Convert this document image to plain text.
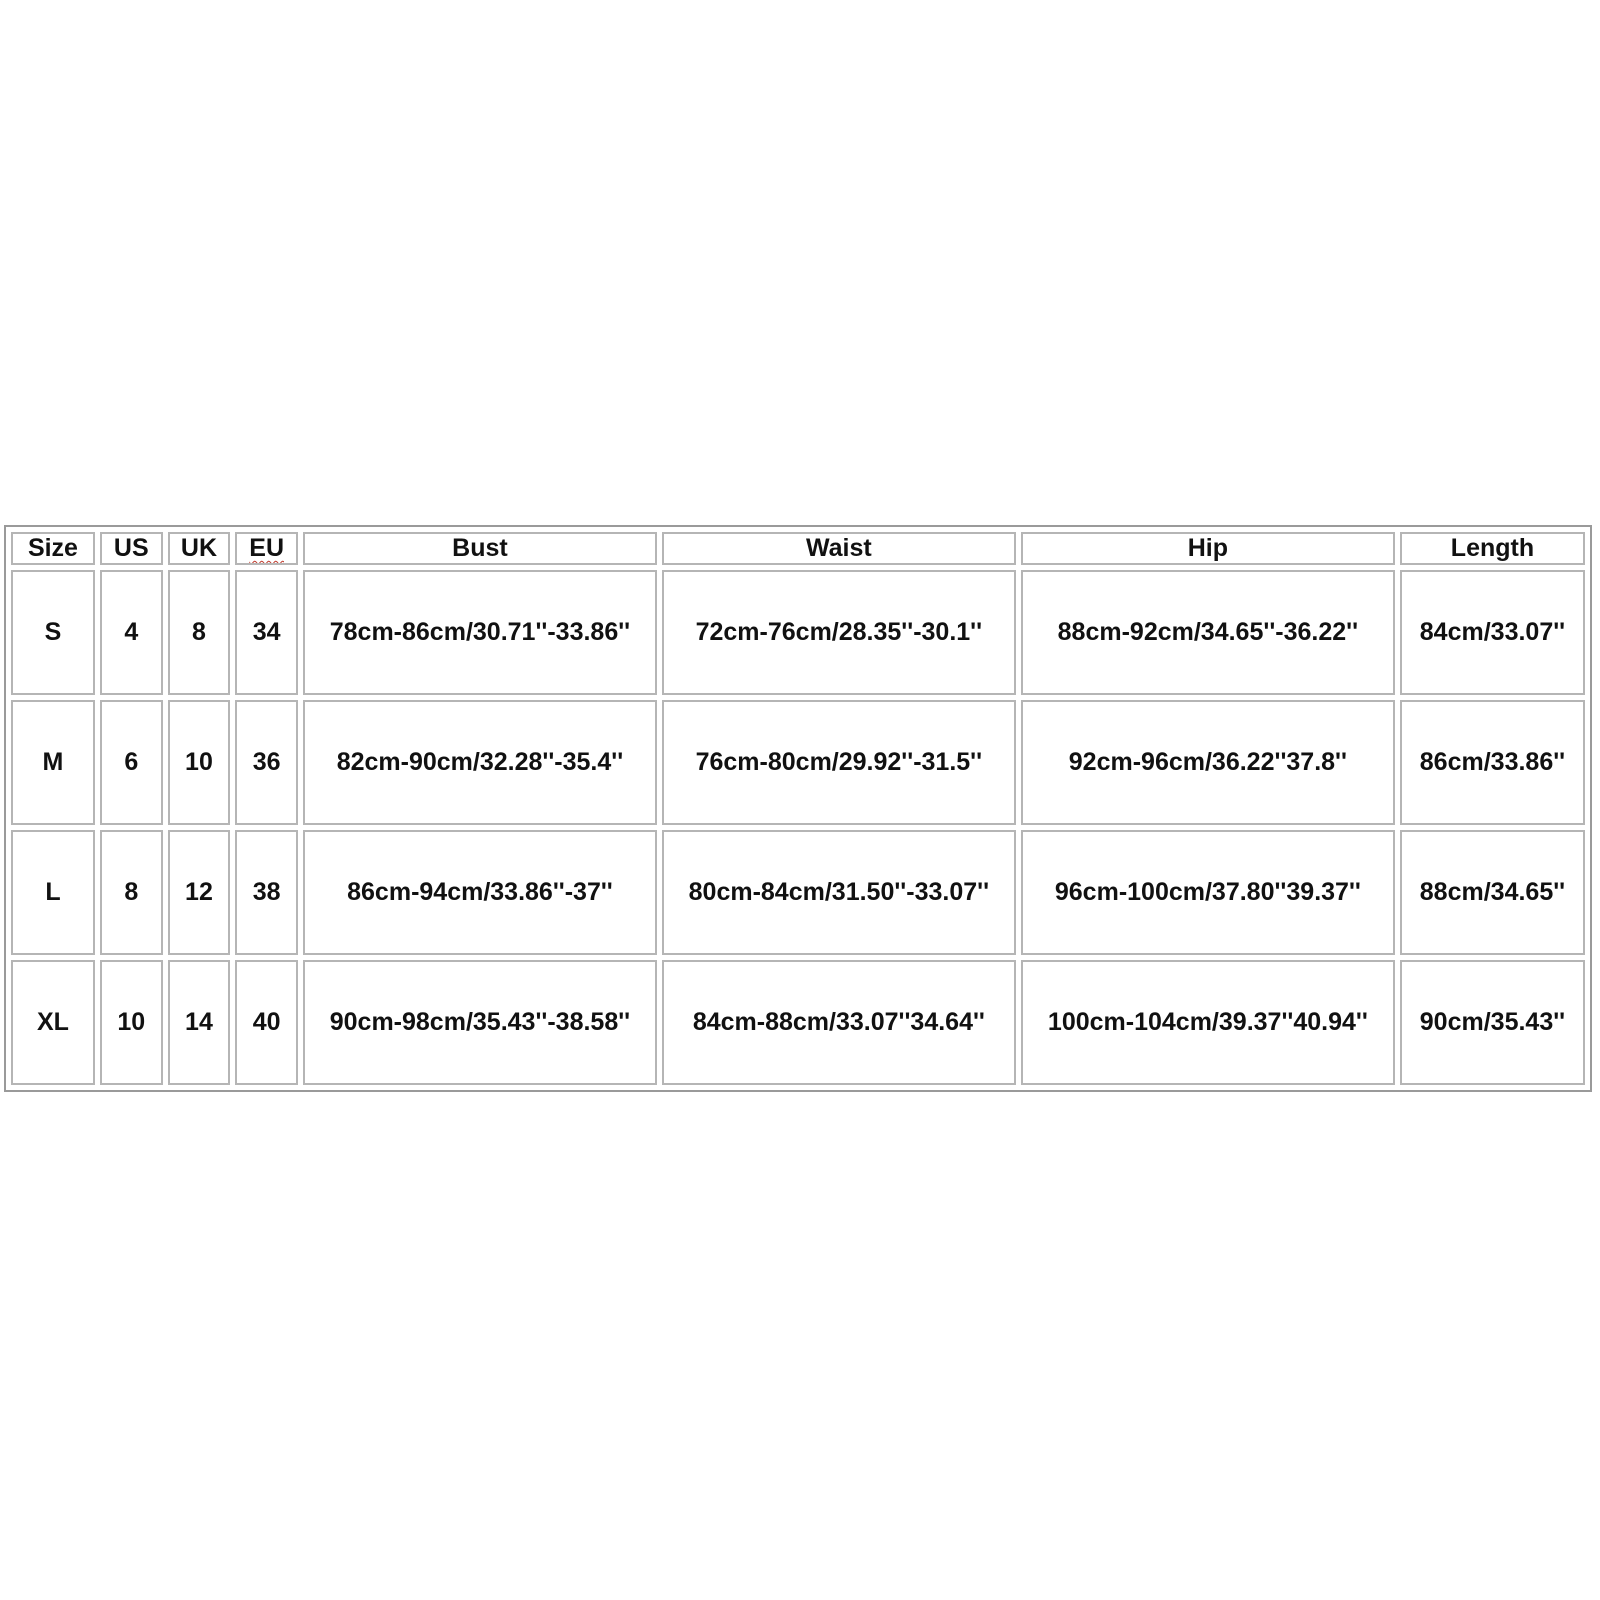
Size	US	UK	EU	Bust	Waist	Hip	Length
S	4	8	34	78cm-86cm/30.71''-33.86''	72cm-76cm/28.35''-30.1''	88cm-92cm/34.65''-36.22''	84cm/33.07''
M	6	10	36	82cm-90cm/32.28''-35.4''	76cm-80cm/29.92''-31.5''	92cm-96cm/36.22''37.8''	86cm/33.86''
L	8	12	38	86cm-94cm/33.86''-37''	80cm-84cm/31.50''-33.07''	96cm-100cm/37.80''39.37''	88cm/34.65''
XL	10	14	40	90cm-98cm/35.43''-38.58''	84cm-88cm/33.07''34.64''	100cm-104cm/39.37''40.94''	90cm/35.43''
